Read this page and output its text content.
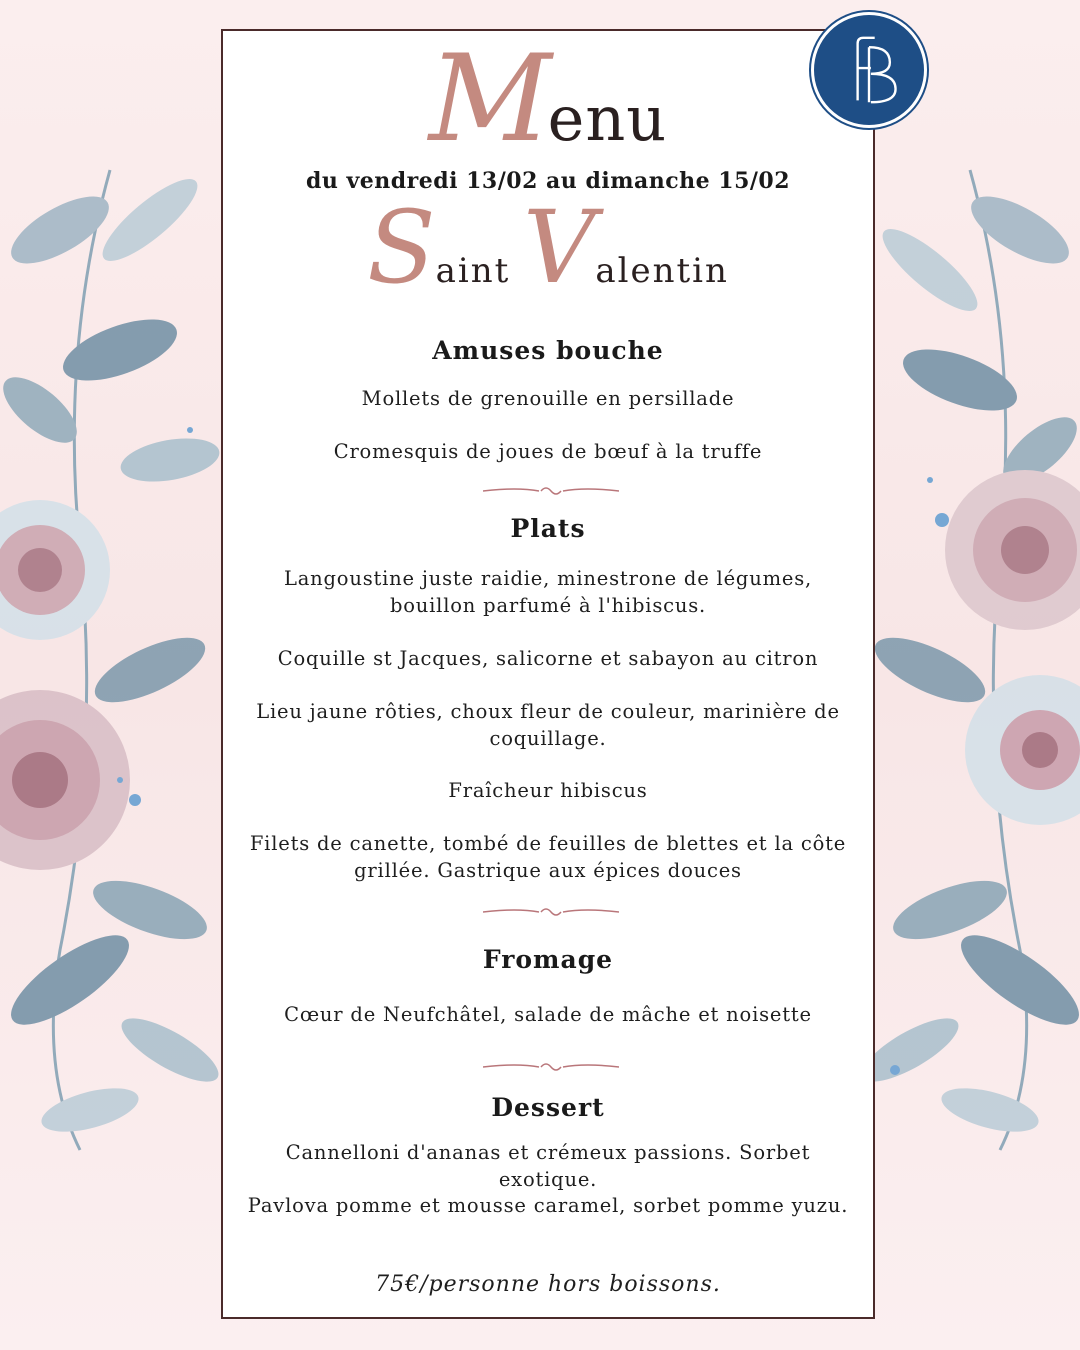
Menu
du vendredi 13/02 au dimanche 15/02
Saint Valentin
Amuses bouche
Mollets de grenouille en persillade
Cromesquis de joues de bœuf à la truffe
Plats
Langoustine juste raidie, minestrone de légumes, bouillon parfumé à l'hibiscus.
Coquille st Jacques, salicorne et sabayon au citron
Lieu jaune rôties, choux fleur de couleur, marinière de coquillage.
Fraîcheur hibiscus
Filets de canette, tombé de feuilles de blettes et la côte grillée. Gastrique aux épices douces
Fromage
Cœur de Neufchâtel, salade de mâche et noisette
Dessert
Cannelloni d'ananas et crémeux passions. Sorbet exotique.
Pavlova pomme et mousse caramel, sorbet pomme yuzu.
75€/personne hors boissons.
